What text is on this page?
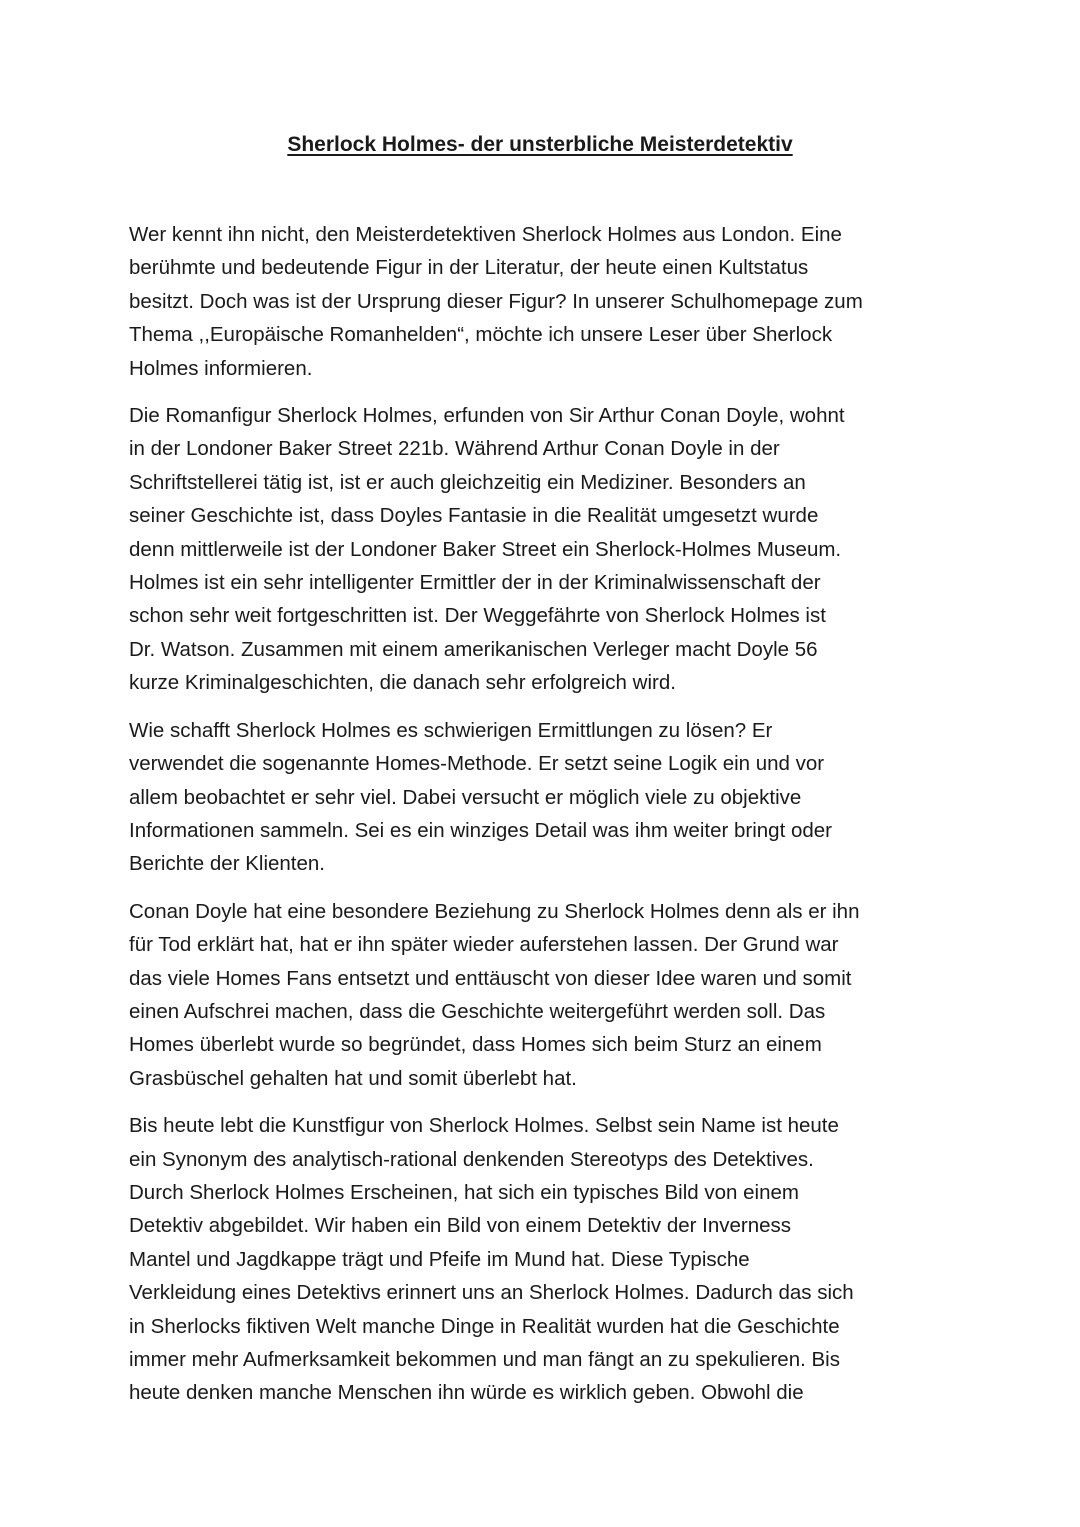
Sherlock Holmes- der unsterbliche Meisterdetektiv

Wer kennt ihn nicht, den Meisterdetektiven Sherlock Holmes aus London. Eine
berühmte und bedeutende Figur in der Literatur, der heute einen Kultstatus
besitzt. Doch was ist der Ursprung dieser Figur? In unserer Schulhomepage zum
Thema ,,Europäische Romanhelden“, möchte ich unsere Leser über Sherlock
Holmes informieren.

Die Romanfigur Sherlock Holmes, erfunden von Sir Arthur Conan Doyle, wohnt
in der Londoner Baker Street 221b. Während Arthur Conan Doyle in der
Schriftstellerei tätig ist, ist er auch gleichzeitig ein Mediziner. Besonders an
seiner Geschichte ist, dass Doyles Fantasie in die Realität umgesetzt wurde
denn mittlerweile ist der Londoner Baker Street ein Sherlock-Holmes Museum.
Holmes ist ein sehr intelligenter Ermittler der in der Kriminalwissenschaft der
schon sehr weit fortgeschritten ist. Der Weggefährte von Sherlock Holmes ist
Dr. Watson. Zusammen mit einem amerikanischen Verleger macht Doyle 56
kurze Kriminalgeschichten, die danach sehr erfolgreich wird.

Wie schafft Sherlock Holmes es schwierigen Ermittlungen zu lösen? Er
verwendet die sogenannte Homes-Methode. Er setzt seine Logik ein und vor
allem beobachtet er sehr viel. Dabei versucht er möglich viele zu objektive
Informationen sammeln. Sei es ein winziges Detail was ihm weiter bringt oder
Berichte der Klienten.

Conan Doyle hat eine besondere Beziehung zu Sherlock Holmes denn als er ihn
für Tod erklärt hat, hat er ihn später wieder auferstehen lassen. Der Grund war
das viele Homes Fans entsetzt und enttäuscht von dieser Idee waren und somit
einen Aufschrei machen, dass die Geschichte weitergeführt werden soll. Das
Homes überlebt wurde so begründet, dass Homes sich beim Sturz an einem
Grasbüschel gehalten hat und somit überlebt hat.

Bis heute lebt die Kunstfigur von Sherlock Holmes. Selbst sein Name ist heute
ein Synonym des analytisch-rational denkenden Stereotyps des Detektives.
Durch Sherlock Holmes Erscheinen, hat sich ein typisches Bild von einem
Detektiv abgebildet. Wir haben ein Bild von einem Detektiv der Inverness
Mantel und Jagdkappe trägt und Pfeife im Mund hat. Diese Typische
Verkleidung eines Detektivs erinnert uns an Sherlock Holmes. Dadurch das sich
in Sherlocks fiktiven Welt manche Dinge in Realität wurden hat die Geschichte
immer mehr Aufmerksamkeit bekommen und man fängt an zu spekulieren. Bis
heute denken manche Menschen ihn würde es wirklich geben. Obwohl die
